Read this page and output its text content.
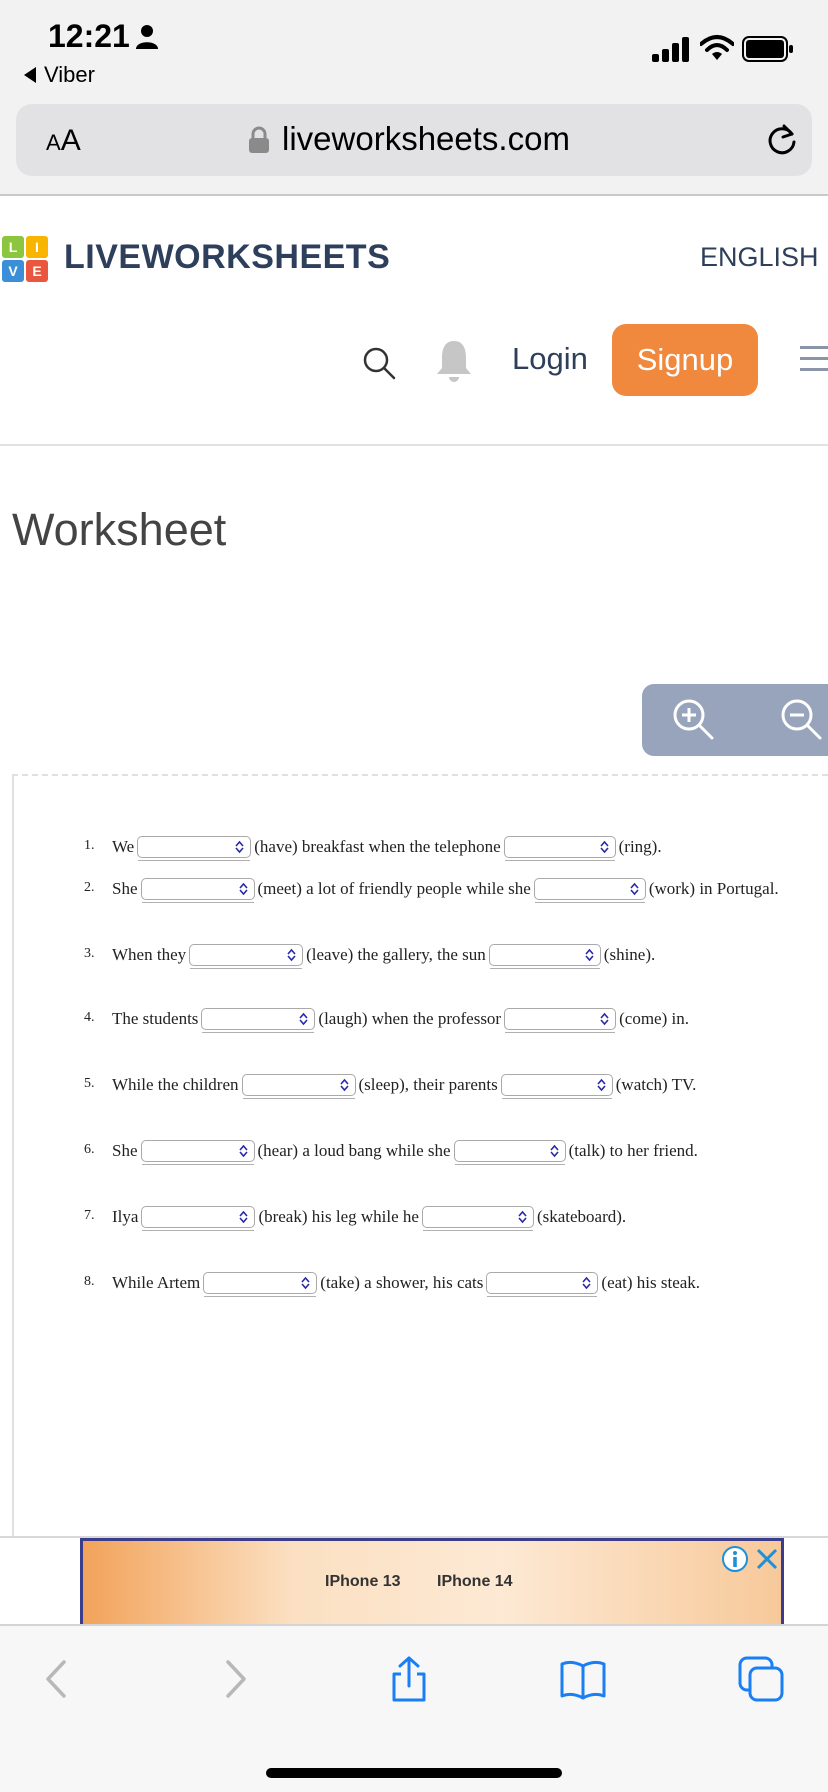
12:21
Viber
AA	liveworksheets.com
L	I
V	E LIVEWORKSHEETS	ENGLISH
Login	Signup
Worksheet
1.	We	(have) breakfast when the telephone	(ring).
2.	She	(meet) a lot of friendly people while she	(work) in Portugal.
3.	When they	(leave) the gallery, the sun	(shine).
4.	The students	(laugh) when the professor	(come) in.
5.	While the children	(sleep), their parents	(watch) TV.
6.	She	(hear) a loud bang while she	(talk) to her friend.
7.	Ilya	(break) his leg while he	(skateboard).
8.	While Artem	(take) a shower, his cats	(eat) his steak.
IPhone 13 IPhone 14
